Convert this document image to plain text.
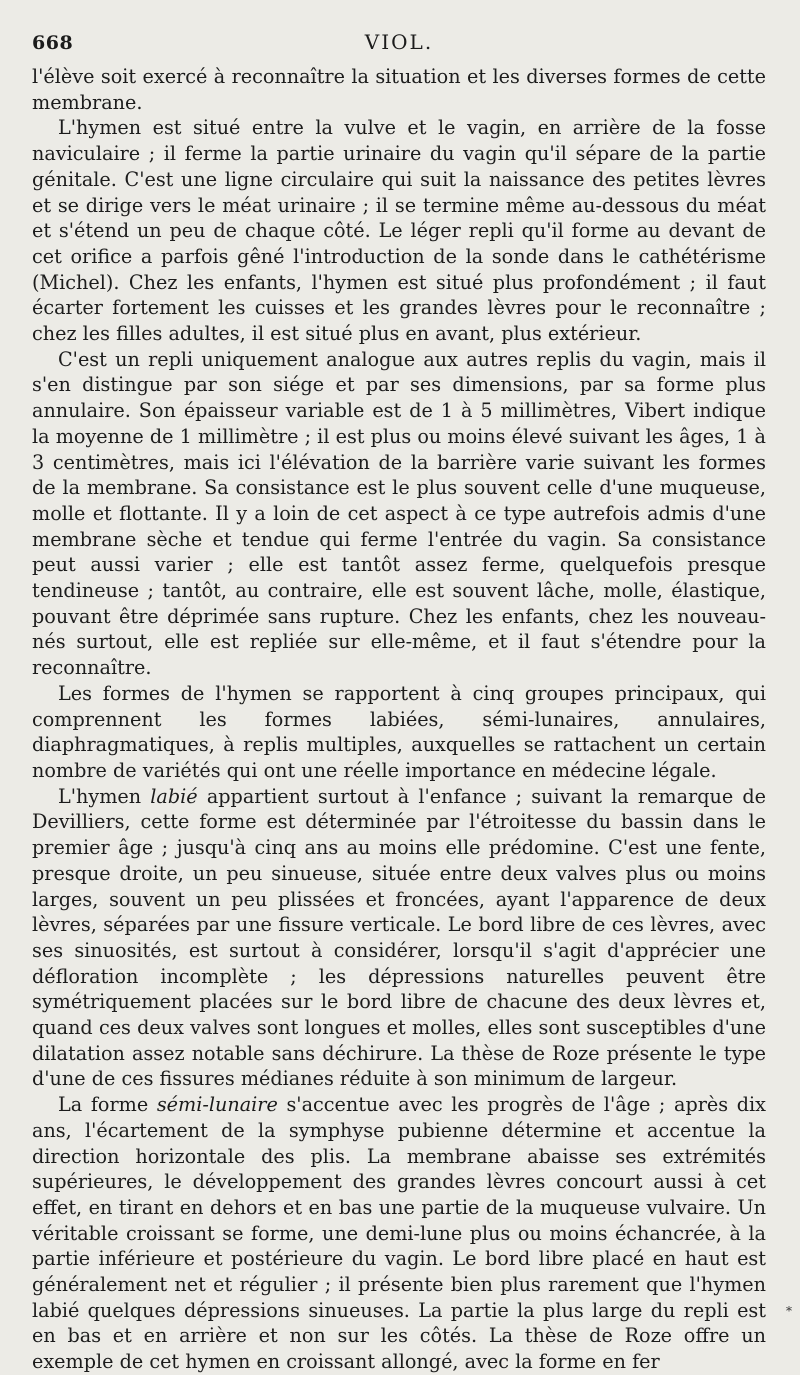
668	VIOL.

l'élève soit exercé à reconnaître la situation et les diverses formes de cette membrane.

L'hymen est situé entre la vulve et le vagin, en arrière de la fosse naviculaire ; il ferme la partie urinaire du vagin qu'il sépare de la partie génitale. C'est une ligne circulaire qui suit la naissance des petites lèvres et se dirige vers le méat urinaire ; il se termine même au-dessous du méat et s'étend un peu de chaque côté. Le léger repli qu'il forme au devant de cet orifice a parfois gêné l'introduction de la sonde dans le cathétérisme (Michel). Chez les enfants, l'hymen est situé plus profondément ; il faut écarter fortement les cuisses et les grandes lèvres pour le reconnaître ; chez les filles adultes, il est situé plus en avant, plus extérieur.

C'est un repli uniquement analogue aux autres replis du vagin, mais il s'en distingue par son siége et par ses dimensions, par sa forme plus annulaire. Son épaisseur variable est de 1 à 5 millimètres, Vibert indique la moyenne de 1 millimètre ; il est plus ou moins élevé suivant les âges, 1 à 3 centimètres, mais ici l'élévation de la barrière varie suivant les formes de la membrane. Sa consistance est le plus souvent celle d'une muqueuse, molle et flottante. Il y a loin de cet aspect à ce type autrefois admis d'une membrane sèche et tendue qui ferme l'entrée du vagin. Sa consistance peut aussi varier ; elle est tantôt assez ferme, quelquefois presque tendineuse ; tantôt, au contraire, elle est souvent lâche, molle, élastique, pouvant être déprimée sans rupture. Chez les enfants, chez les nouveau-nés surtout, elle est repliée sur elle-même, et il faut s'étendre pour la reconnaître.

Les formes de l'hymen se rapportent à cinq groupes principaux, qui comprennent les formes labiées, sémi-lunaires, annulaires, diaphragmatiques, à replis multiples, auxquelles se rattachent un certain nombre de variétés qui ont une réelle importance en médecine légale.

L'hymen labié appartient surtout à l'enfance ; suivant la remarque de Devilliers, cette forme est déterminée par l'étroitesse du bassin dans le premier âge ; jusqu'à cinq ans au moins elle prédomine. C'est une fente, presque droite, un peu sinueuse, située entre deux valves plus ou moins larges, souvent un peu plissées et froncées, ayant l'apparence de deux lèvres, séparées par une fissure verticale. Le bord libre de ces lèvres, avec ses sinuosités, est surtout à considérer, lorsqu'il s'agit d'apprécier une défloration incomplète ; les dépressions naturelles peuvent être symétriquement placées sur le bord libre de chacune des deux lèvres et, quand ces deux valves sont longues et molles, elles sont susceptibles d'une dilatation assez notable sans déchirure. La thèse de Roze présente le type d'une de ces fissures médianes réduite à son minimum de largeur.

La forme sémi-lunaire s'accentue avec les progrès de l'âge ; après dix ans, l'écartement de la symphyse pubienne détermine et accentue la direction horizontale des plis. La membrane abaisse ses extrémités supérieures, le développement des grandes lèvres concourt aussi à cet effet, en tirant en dehors et en bas une partie de la muqueuse vulvaire. Un véritable croissant se forme, une demi-lune plus ou moins échancrée, à la partie inférieure et postérieure du vagin. Le bord libre placé en haut est généralement net et régulier ; il présente bien plus rarement que l'hymen labié quelques dépressions sinueuses. La partie la plus large du repli est en bas et en arrière et non sur les côtés. La thèse de Roze offre un exemple de cet hymen en croissant allongé, avec la forme en fer

*
